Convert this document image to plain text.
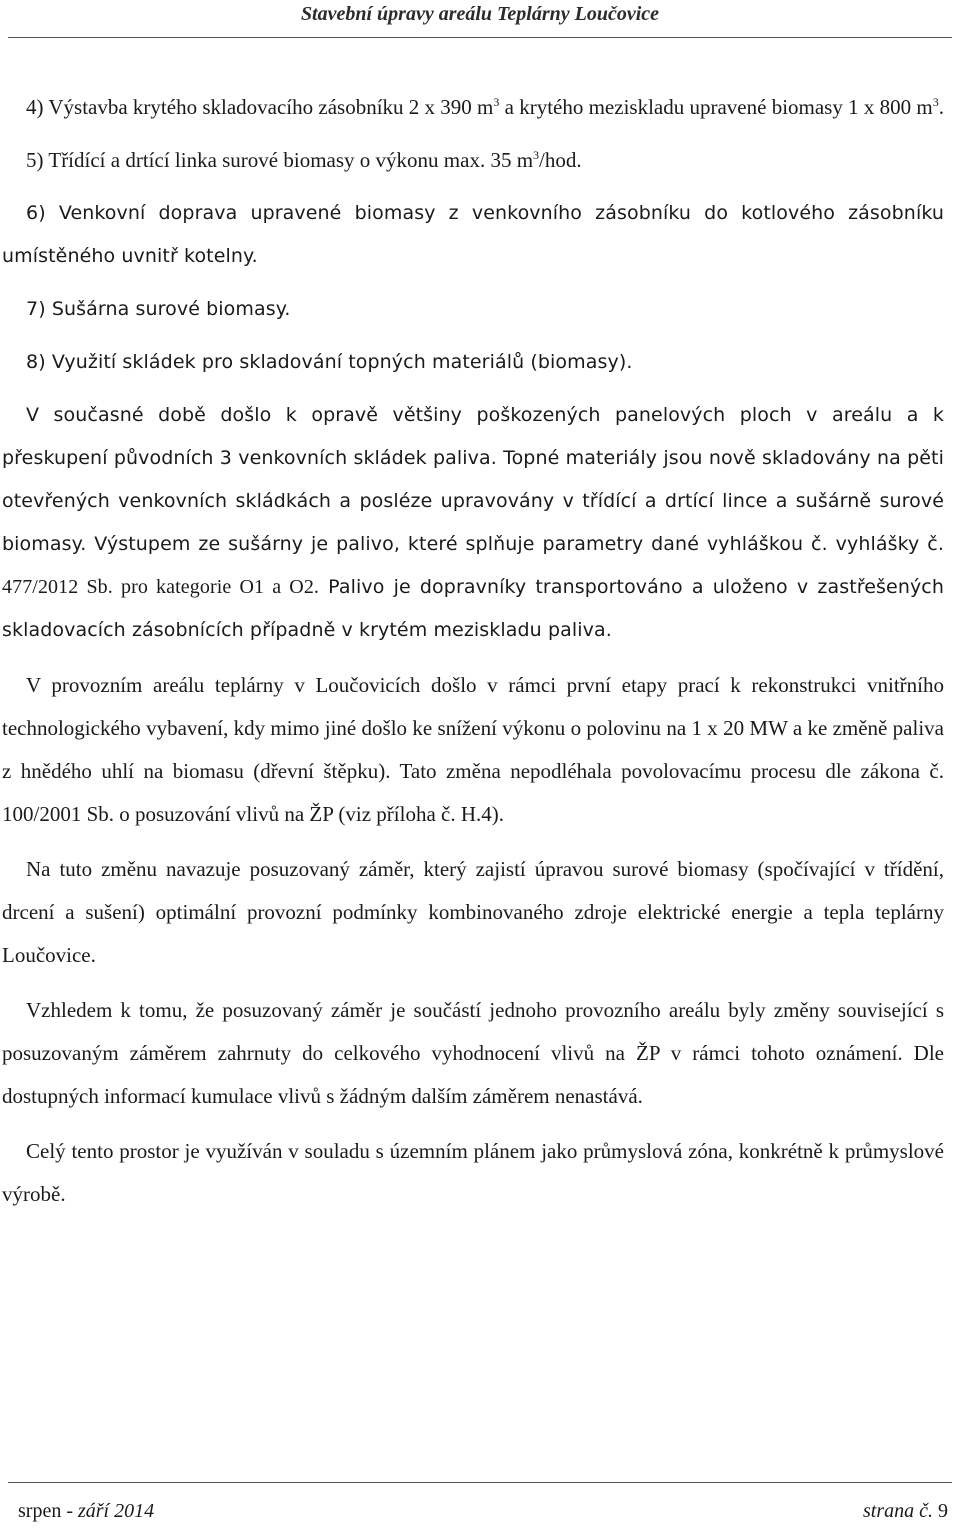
Stavební úpravy areálu Teplárny Loučovice

4) Výstavba krytého skladovacího zásobníku 2 x 390 $m^3$ a krytého meziskladu upravené biomasy 1 x 800 $m^3$.

5) Třídící a drtící linka surové biomasy o výkonu max. 35 $m^3$/hod.

6) Venkovní doprava upravené biomasy z venkovního zásobníku do kotlového zásobníku umístěného uvnitř kotelny.

7) Sušárna surové biomasy.

8) Využití skládek pro skladování topných materiálů (biomasy).

V současné době došlo k opravě většiny poškozených panelových ploch v areálu a k přeskupení původních 3 venkovních skládek paliva. Topné materiály jsou nově skladovány na pěti otevřených venkovních skládkách a posléze upravovány v třídící a drtící lince a sušárně surové biomasy. Výstupem ze sušárny je palivo, které splňuje parametry dané vyhláškou č. vyhlášky č. 477/2012 Sb. pro kategorie O1 a O2. Palivo je dopravníky transportováno a uloženo v zastřešených skladovacích zásobnících případně v krytém meziskladu paliva.

V provozním areálu teplárny v Loučovicích došlo v rámci první etapy prací k rekonstrukci vnitřního technologického vybavení, kdy mimo jiné došlo ke snížení výkonu o polovinu na 1 x 20 MW a ke změně paliva z hnědého uhlí na biomasu (dřevní štěpku). Tato změna nepodléhala povolovacímu procesu dle zákona č. 100/2001 Sb. o posuzování vlivů na ŽP (viz příloha č. H.4).

Na tuto změnu navazuje posuzovaný záměr, který zajistí úpravou surové biomasy (spočívající v třídění, drcení a sušení) optimální provozní podmínky kombinovaného zdroje elektrické energie a tepla teplárny Loučovice.

Vzhledem k tomu, že posuzovaný záměr je součástí jednoho provozního areálu byly změny související s posuzovaným záměrem zahrnuty do celkového vyhodnocení vlivů na ŽP v rámci tohoto oznámení. Dle dostupných informací kumulace vlivů s žádným dalším záměrem nenastává.

Celý tento prostor je využíván v souladu s územním plánem jako průmyslová zóna, konkrétně k průmyslové výrobě.

srpen - září 2014	strana č. 9
